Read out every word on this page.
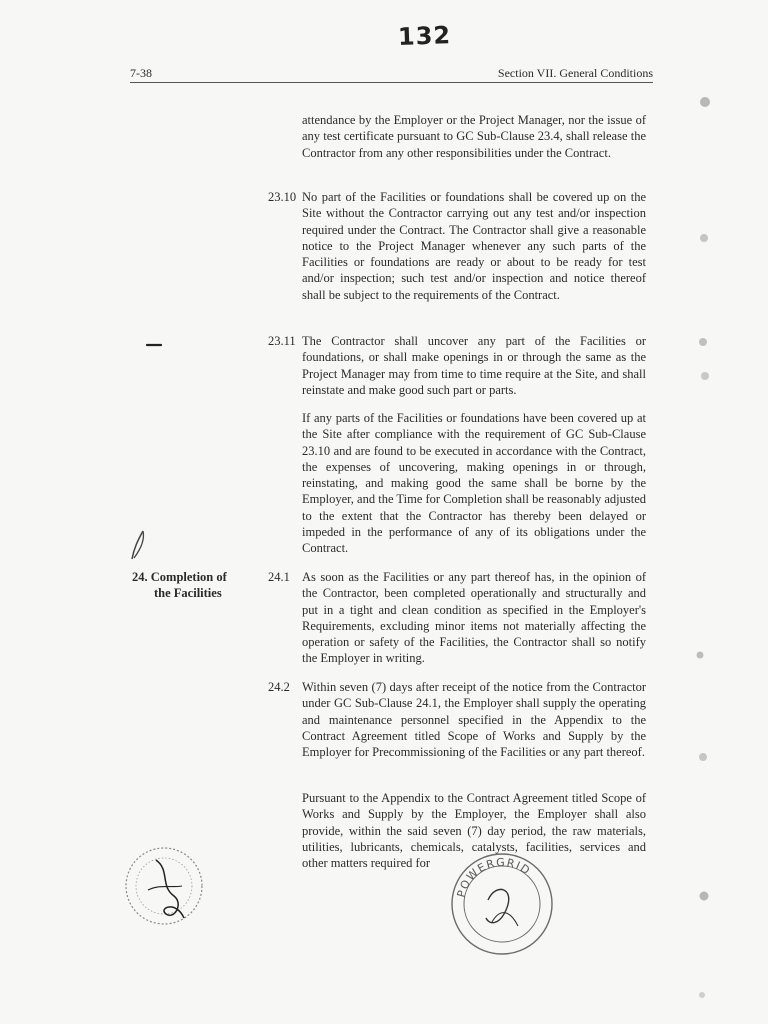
132
7-38	Section VII. General Conditions

attendance by the Employer or the Project Manager, nor the issue of any test certificate pursuant to GC Sub-Clause 23.4, shall release the Contractor from any other responsibilities under the Contract.

23.10 No part of the Facilities or foundations shall be covered up on the Site without the Contractor carrying out any test and/or inspection required under the Contract. The Contractor shall give a reasonable notice to the Project Manager whenever any such parts of the Facilities or foundations are ready or about to be ready for test and/or inspection; such test and/or inspection and notice thereof shall be subject to the requirements of the Contract.

23.11 The Contractor shall uncover any part of the Facilities or foundations, or shall make openings in or through the same as the Project Manager may from time to time require at the Site, and shall reinstate and make good such part or parts.

If any parts of the Facilities or foundations have been covered up at the Site after compliance with the requirement of GC Sub-Clause 23.10 and are found to be executed in accordance with the Contract, the expenses of uncovering, making openings in or through, reinstating, and making good the same shall be borne by the Employer, and the Time for Completion shall be reasonably adjusted to the extent that the Contractor has thereby been delayed or impeded in the performance of any of its obligations under the Contract.

24. Completion of
the Facilities
24.1 As soon as the Facilities or any part thereof has, in the opinion of the Contractor, been completed operationally and structurally and put in a tight and clean condition as specified in the Employer's Requirements, excluding minor items not materially affecting the operation or safety of the Facilities, the Contractor shall so notify the Employer in writing.

24.2 Within seven (7) days after receipt of the notice from the Contractor under GC Sub-Clause 24.1, the Employer shall supply the operating and maintenance personnel specified in the Appendix to the Contract Agreement titled Scope of Works and Supply by the Employer for Precommissioning of the Facilities or any part thereof.

Pursuant to the Appendix to the Contract Agreement titled Scope of Works and Supply by the Employer, the Employer shall also provide, within the said seven (7) day period, the raw materials, utilities, lubricants, chemicals, catalysts, facilities, services and other matters required for

POWERGRID
